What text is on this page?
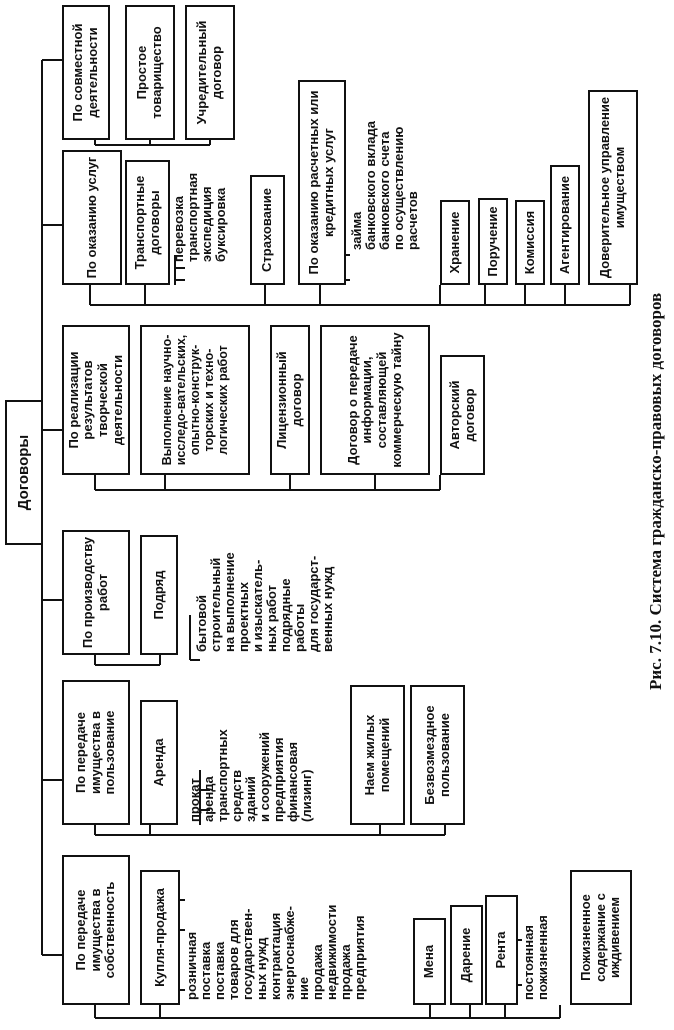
Договоры
По передаче имущества в собственность	Купля-продажа	розничная
поставка
поставка
товаров для
государствен-
ных нужд
контрактация
энергоснабже-
ние
продажа
недвижимости
продажа
предприятия	Мена	Дарение	Рента постоянная
пожизненная	Пожизненное содержание с иждивением
По передаче имущества в пользование	Аренда
прокат
аренда
транспортных
средств
зданий
и сооружений
предприятия
финансовая
(лизинг)
Наем жилых помещений	Безвозмездное пользование
По производству работ	Подряд	бытовой
строительный
на выполнение
проектных
и изыскатель-
ных работ
подрядные
работы
для государст-
венных нужд
По реализации результатов творческой деятельности	Выполнение научно-исследо-вательских, опытно-конструк-торских и техно-логических работ	Лицензионный договор	Договор о передаче информации, составляющей коммерческую тайну	Авторский договор
По оказанию услуг	Транспортные договоры перевозка
транспортная
экспедиция
буксировка	Страхование	По оказанию расчетных или кредитных услуг	займа
банковского вклада
банковского счета
по осуществлению
расчетов	Хранение	Поручение	Комиссия	Агентирование	Доверительное управление имуществом
По совместной деятельности	Простое товарищество	Учредительный договор
Рис. 7.10. Система гражданско-правовых договоров
